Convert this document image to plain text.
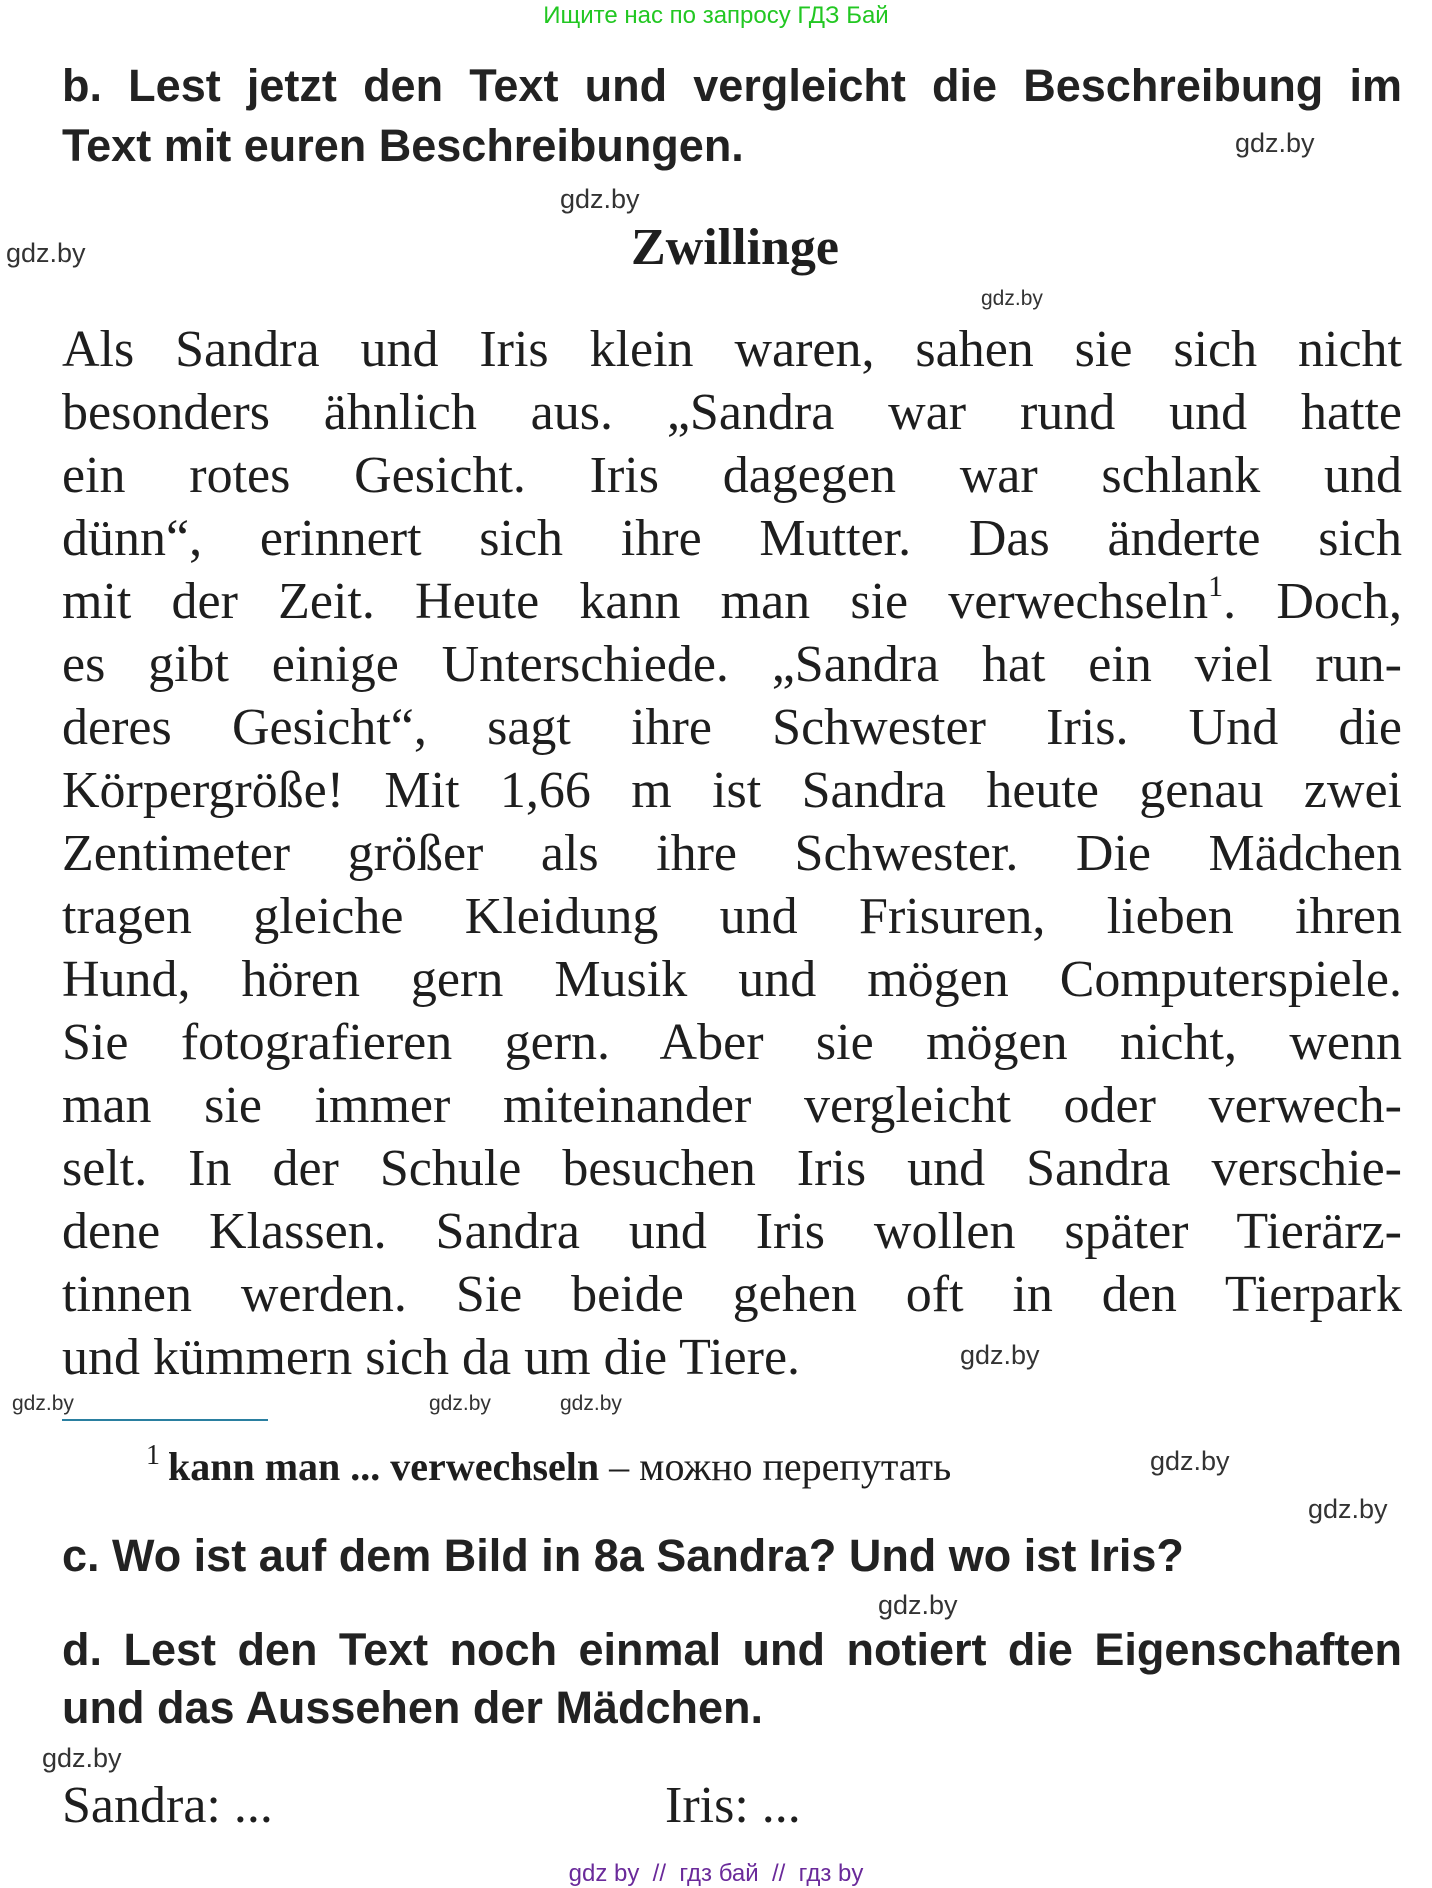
Ищите нас по запросу ГДЗ Бай
b. Lest jetzt den Text und vergleicht die Beschreibung im
Text mit euren Beschreibungen.
Zwillinge
Als Sandra und Iris klein waren, sahen sie sich nicht
besonders ähnlich aus. „Sandra war rund und hatte
ein rotes Gesicht. Iris dagegen war schlank und
dünn“, erinnert sich ihre Mutter. Das änderte sich
mit der Zeit. Heute kann man sie verwechseln$^1$. Doch,
es gibt einige Unterschiede. „Sandra hat ein viel run-
deres Gesicht“, sagt ihre Schwester Iris. Und die
Körpergröße! Mit 1,66 m ist Sandra heute genau zwei
Zentimeter größer als ihre Schwester. Die Mädchen
tragen gleiche Kleidung und Frisuren, lieben ihren
Hund, hören gern Musik und mögen Computerspiele.
Sie fotografieren gern. Aber sie mögen nicht, wenn
man sie immer miteinander vergleicht oder verwech-
selt. In der Schule besuchen Iris und Sandra verschie-
dene Klassen. Sandra und Iris wollen später Tierärz-
tinnen werden. Sie beide gehen oft in den Tierpark
und kümmern sich da um die Tiere.
$^1$ kann man ... verwechseln – можно перепутать
c. Wo ist auf dem Bild in 8a Sandra? Und wo ist Iris?
d. Lest den Text noch einmal und notiert die Eigenschaften
und das Aussehen der Mädchen.
Sandra: ...	Iris: ...
gdz.by
gdz.by
gdz.by
gdz.by
gdz.by	gdz.by
gdz.by
gdz.by
gdz.by
gdz.by
gdz.by
gdz.by
gdz by  //  гдз бай  //  гдз by
